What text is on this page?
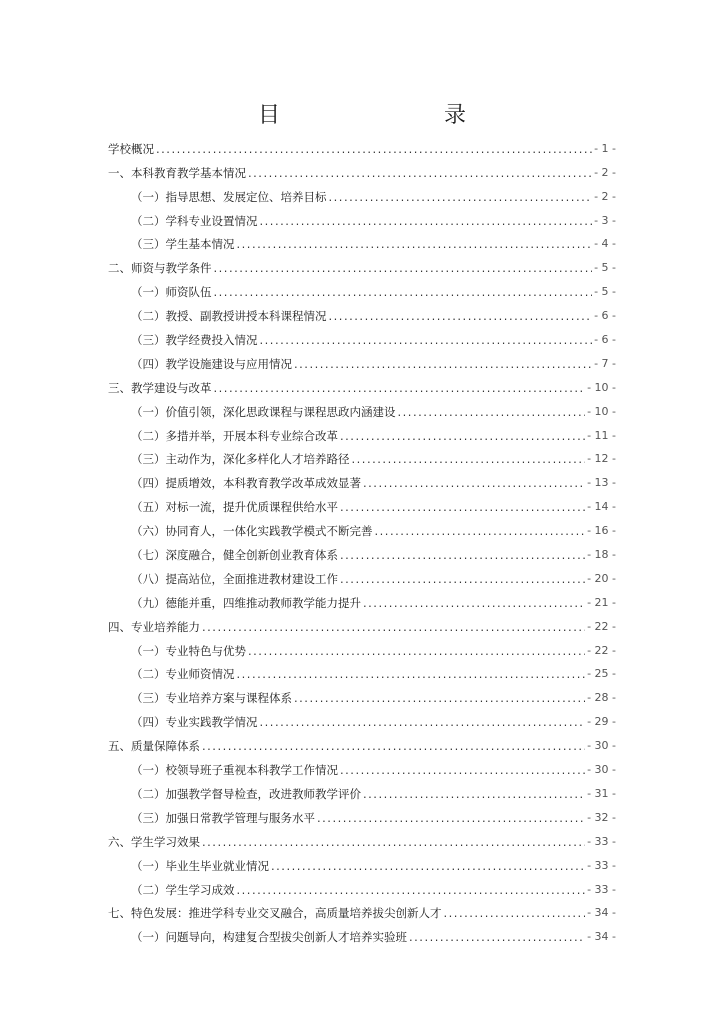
目　　录
学校概况 .....	- 1 -
一、本科教育教学基本情况 .....	- 2 -
（一）指导思想、发展定位、培养目标 .....	- 2 -
（二）学科专业设置情况 .....	- 3 -
（三）学生基本情况 .....	- 4 -
二、师资与教学条件 .....	- 5 -
（一）师资队伍 .....	- 5 -
（二）教授、副教授讲授本科课程情况 .....	- 6 -
（三）教学经费投入情况 .....	- 6 -
（四）教学设施建设与应用情况 .....	- 7 -
三、教学建设与改革 .....	- 10 -
（一）价值引领，深化思政课程与课程思政内涵建设 .....	- 10 -
（二）多措并举，开展本科专业综合改革 .....	- 11 -
（三）主动作为，深化多样化人才培养路径 .....	- 12 -
（四）提质增效，本科教育教学改革成效显著 .....	- 13 -
（五）对标一流，提升优质课程供给水平 .....	- 14 -
（六）协同育人，一体化实践教学模式不断完善 .....	- 16 -
（七）深度融合，健全创新创业教育体系 .....	- 18 -
（八）提高站位，全面推进教材建设工作 .....	- 20 -
（九）德能并重，四维推动教师教学能力提升 .....	- 21 -
四、专业培养能力 .....	- 22 -
（一）专业特色与优势 .....	- 22 -
（二）专业师资情况 .....	- 25 -
（三）专业培养方案与课程体系 .....	- 28 -
（四）专业实践教学情况 .....	- 29 -
五、质量保障体系 .....	- 30 -
（一）校领导班子重视本科教学工作情况 .....	- 30 -
（二）加强教学督导检查，改进教师教学评价 .....	- 31 -
（三）加强日常教学管理与服务水平 .....	- 32 -
六、学生学习效果 .....	- 33 -
（一）毕业生毕业就业情况 .....	- 33 -
（二）学生学习成效 .....	- 33 -
七、特色发展：推进学科专业交叉融合，高质量培养拔尖创新人才 .....	- 34 -
（一）问题导向，构建复合型拔尖创新人才培养实验班 .....	- 34 -
